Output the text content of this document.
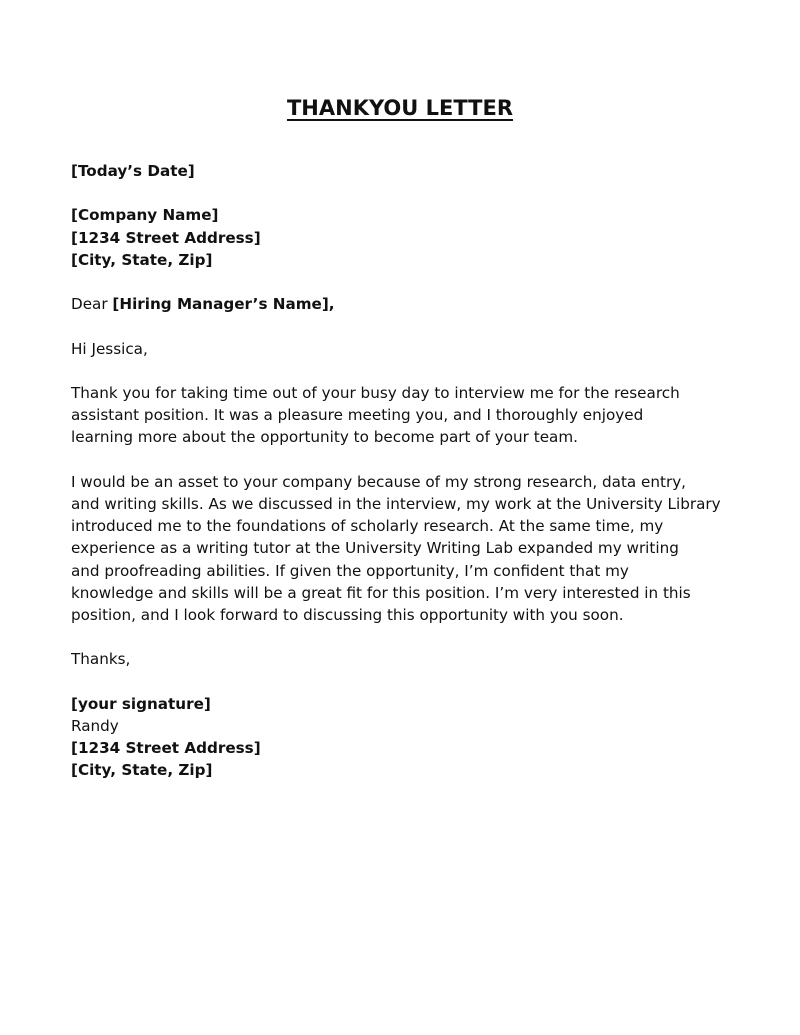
THANKYOU LETTER
[Today’s Date]
[Company Name]
[1234 Street Address]
[City, State, Zip]
Dear [Hiring Manager’s Name],
Hi Jessica,

Thank you for taking time out of your busy day to interview me for the research
assistant position. It was a pleasure meeting you, and I thoroughly enjoyed
learning more about the opportunity to become part of your team.

I would be an asset to your company because of my strong research, data entry,
and writing skills. As we discussed in the interview, my work at the University Library
introduced me to the foundations of scholarly research. At the same time, my
experience as a writing tutor at the University Writing Lab expanded my writing
and proofreading abilities. If given the opportunity, I’m confident that my
knowledge and skills will be a great fit for this position. I’m very interested in this
position, and I look forward to discussing this opportunity with you soon.

Thanks,
[your signature]
Randy
[1234 Street Address]
[City, State, Zip]
